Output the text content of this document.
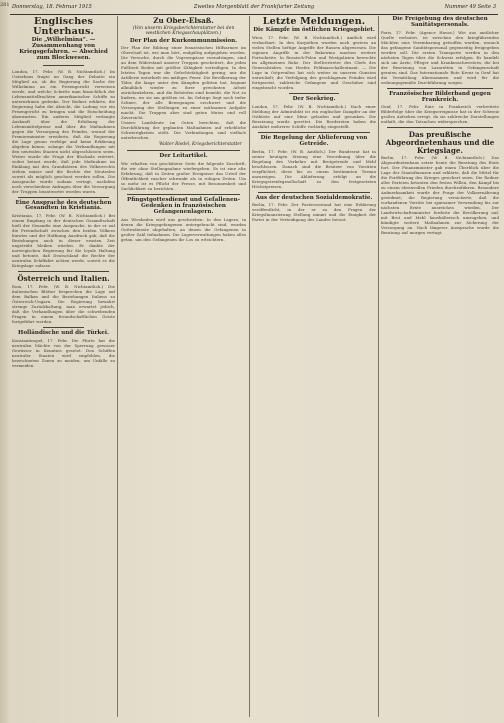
281 Donnerstag, 18. Februar 1915	Zweites Morgenblatt der Frankfurter Zeitung	Nummer 49 Seite 3
Englisches Unterhaus.
Die „Wilhelmina“. — Zusammenhang von Kriegsgefahren. — Abschied zum Blockwesen.
London, 17. Febr. (W. B. Nichtamtlich.) Im Unterhaus fragte im Gang der Debatte ein Mitglied an, ob die Regierung die Sache der Wilhelmina an ein Prisengericht verweisen werde, und welche Schritte man hinsichtlich der Lebensmittelfrachten amerikanischer Schiffe zu unternehmen gedenke. Der Redner erklärte, die Regierung habe die Absicht, die Ladung vor ein Prisengericht zu bringen und die Entscheidung abzuwarten. Ein anderes Mitglied verlangte Auskunft über die Erhöhung der Lebensmittelpreise und über die Maßnahmen gegen die Versorgung des Feindes, worauf der Premierminister erwiderte, daß die Regierung die Lage genau verfolge und keine Erklärung abgeben könne, solange die Verhandlungen mit den neutralen Staaten nicht abgeschlossen seien. Weiter wurde die Frage der Blockade erörtert, wobei betont wurde, daß jede Maßnahme im Einklang mit den Grundsätzen des Völkerrechts stehen müsse und die Rechte der Neutralen soweit als möglich geschont werden sollen. Die Aussprache wurde sodann vertagt, nachdem noch verschiedene Anfragen über die Versorgung der Truppen beantwortet worden waren.
Eine Ansprache des deutschen Gesandten in Kristiania.
Kristiania, 17. Febr. (W. B. Nichtamtlich.) Bei einem Empfang in der deutschen Gesandtschaft hielt der Gesandte eine Ansprache, in der er auf die Freundschaft zwischen den beiden Völkern hinwies und der Hoffnung Ausdruck gab, daß die Beziehungen auch in dieser ernsten Zeit ungetrübt bleiben würden. Er dankte der norwegischen Regierung für die loyale Haltung und betonte, daß Deutschland die Rechte der neutralen Schiffahrt achten werde, soweit es die Kriegslage zulasse.
Österreich und Italien.
Rom, 17. Febr. (W. B. Nichtamtlich.) Die italienischen Blätter besprechen die Lage auf dem Balkan und die Beziehungen Italiens zu Österreich-Ungarn. Die Regierung bewahrt strenge Zurückhaltung; man erwartet jedoch, daß die Verhandlungen über die schwebenden Fragen in einem freundschaftlichen Geiste fortgeführt werden.
Holländische und die Türkei.
Konstantinopel, 17. Febr. Die Pforte hat die neutralen Mächte von der Sperrung gewisser Gewässer in Kenntnis gesetzt. Den Schiffen neutraler Staaten wird empfohlen, die bezeichneten Zonen zu meiden, um Unfälle zu vermeiden.
Zu Ober-Elsaß.
(Von unserm Kriegsberichterstatter bei den westlichen Kriegsschauplätzen.)
Der Plan der Kurkommunmission.
Der Plan der Bildung einer französischen Hilfsarmee im Oberelsaß ist, wie man hört, endgültig aufgegeben worden. Die Versuche, durch die Vogesenpässe vorzudringen, sind an dem Widerstand unserer Truppen gescheitert, die jeden Fußbreit Boden mit größter Zähigkeit verteidigen. In den letzten Tagen war die Gefechtstätigkeit gering; nur die Artillerie unterhielt ein mäßiges Feuer. Die Bevölkerung der Täler, die lange unter den Kämpfen gelitten hat, beginnt allmählich wieder zu ihrer gewohnten Arbeit zurückzukehren, und die Behörden sind bemüht, die Not zu lindern, wo sie am größten ist. Im Gebirge liegt noch tiefer Schnee, der alle Bewegungen erschwert und die Versorgung der Stellungen zu einer mühsamen Aufgabe macht. Die Truppen aber sind guten Mutes und voll Zuversicht.
Unsere Landsleute im Osten berichten, daß die Durchführung der geplanten Maßnahmen auf erhebliche Schwierigkeiten stößt. Die Verbindungen sind vielfach unterbrochen.
Walter Riedel, Kriegsberichterstatter
Der Leitartikel.
Wir erhalten von geschätzter Seite die folgende Zuschrift, die wir ohne Stellungnahme wiedergeben: Es ist eine alte Erfahrung, daß in Zeiten großer Ereignisse das Urteil der Öffentlichkeit rascher schwankt als in ruhigen Zeiten. Um so mehr ist es Pflicht der Presse, mit Besonnenheit und Sachlichkeit zu berichten.
Pfingstgottesdienst und Gefallenen-Gedenken in französischen Gefangenenlagern.
Aus Wiesbaden wird uns geschrieben: In den Lagern, in denen die Kriegsgefangenen untergebracht sind, wurden Gottesdienste abgehalten, an denen die Gefangenen in großer Zahl teilnahmen. Die Lagerverwaltungen haben alles getan, um den Gefangenen ihr Los zu erleichtern.
Letzte Meldungen.
Die Kämpfe im östlichen Kriegsgebiet.
Wien, 17. Febr. (W. B. Nichtamtlich.) Amtlich wird verlautbart: In den Karpathen wurden auch gestern an vielen Stellen heftige Angriffe der Russen abgewiesen. Die eigenen Angriffe in der Bukowina machen weitere Fortschritte. In Russisch-Polen und Westgalizien herrschte im allgemeinen Ruhe. Der Stellvertreter des Chefs des Generalstabes: von Hoefer, Feldmarschalleutnant. — Die Lage in Ostpreußen hat sich weiter zu unseren Gunsten entwickelt; die Verfolgung des geschlagenen Feindes wird fortgesetzt, zahlreiche Gefangene und Geschütze sind eingebracht worden.
Der Seekrieg.
London, 17. Febr. (W. B. Nichtamtlich.) Nach einer Meldung der Admiralität ist ein englischer Dampfer an der Ostküste auf eine Mine gelaufen und gesunken. Die Besatzung wurde gerettet. Die Reedereien haben die Ausfahrt mehrerer Schiffe vorläufig eingestellt.
Die Regelung der Ablieferung von Getreide.
Berlin, 17. Febr. (W. B. Amtlich.) Der Bundesrat hat in seiner heutigen Sitzung eine Verordnung über die Regelung des Verkehrs mit Brotgetreide und Mehl beschlossen. Danach sind die Besitzer von Vorräten verpflichtet, diese bis zu einem bestimmten Termin anzuzeigen. Die Ablieferung erfolgt an die Kriegsgetreidegesellschaft zu den festgesetzten Höchstpreisen.
Aus der deutschen Sozialdemokratie.
Berlin, 17. Febr. Der Parteivorstand hat eine Erklärung veröffentlicht, in der er zu den Fragen der Kriegsfinanzierung Stellung nimmt und die Einigkeit der Partei in der Verteidigung des Landes betont.
Die Freigebung des deutschen Sanitätspersonals.
Paris, 17. Febr. (Agence Havas.) Wie aus amtlicher Quelle verlautet, ist zwischen den kriegführenden Mächten eine Vereinbarung getroffen worden, wonach das gefangene Sanitätspersonal gegenseitig freigegeben werden soll. Die ersten Transporte werden in den nächsten Tagen über die Schweiz erfolgen. Es handelt sich um Ärzte, Pfleger und Krankenschwestern, die bei der Besetzung von Lazaretten in Gefangenschaft geraten sind. Das Internationale Rote Kreuz in Genf hat die Vermittlung übernommen und wird für die ordnungsgemäße Durchführung sorgen.
Französischer Bilderband gegen Frankreich.
Genf, 17. Febr. Eine in Frankreich verbreitete Bilderfolge über die Kriegsereignisse hat in der Schweiz großes Aufsehen erregt, da sie zahlreiche Darstellungen enthält, die den Tatsachen widersprechen.
Das preußische Abgeordnetenhaus und die Kriegslage.
Berlin, 17. Febr. (W. B. Nichtamtlich.) Das Abgeordnetenhaus setzte heute die Beratung des Etats fort. Der Finanzminister gab einen Überblick über die Lage der Staatsfinanzen und erklärte, daß die Mittel für die Fortführung des Krieges gesichert seien. Die Redner aller Parteien betonten den festen Willen, den Kampf bis zu einem ehrenvollen Frieden durchzuführen. Besondere Aufmerksamkeit wurde der Frage der Volksernährung gewidmet; die Regierung versicherte, daß die vorhandenen Vorräte bei sparsamer Verwendung bis zur nächsten Ernte ausreichen würden. Der Landwirtschaftsminister forderte die Bevölkerung auf, mit Brot und Mehl haushälterisch umzugehen, und kündigte weitere Maßnahmen zur Sicherung der Versorgung an. Nach längerer Aussprache wurde die Beratung auf morgen vertagt.
